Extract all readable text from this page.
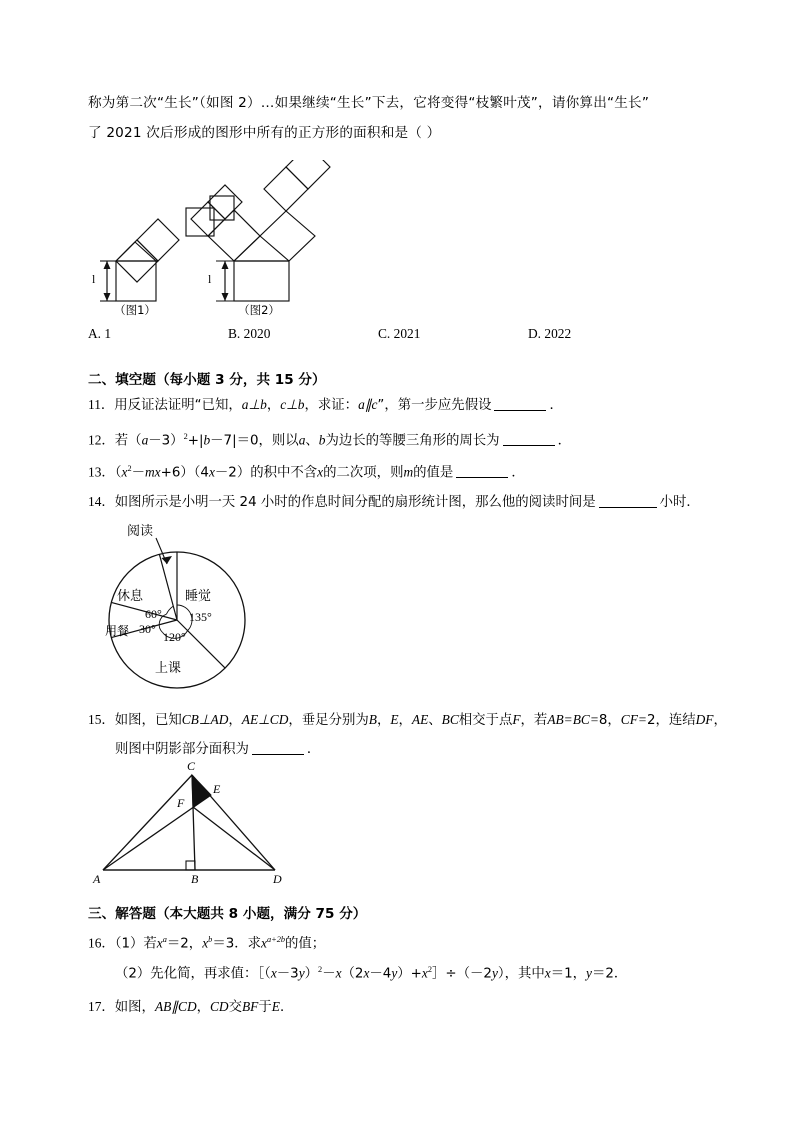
称为第二次“生长”（如图 2）…如果继续“生长”下去，它将变得“枝繁叶茂”，请你算出“生长”
了 2021 次后形成的图形中所有的正方形的面积和是（ ）
l	l
（图1）	（图2）
A. 1	B. 2020	C. 2021	D. 2022
二、填空题（每小题 3 分，共 15 分）
11．用反证法证明“已知，a⊥b，c⊥b，求证：a∥c”，第一步应先假设	．
12．若$(a-3)^2+|b-7|=0$，则以a、b为边长的等腰三角形的周长为	．
13．$(x^2-mx+6)(4x-2)$的积中不含x的二次项，则m的值是	．
14．如图所示是小明一天 24 小时的作息时间分配的扇形统计图，那么他的阅读时间是	小时．
阅读
休息	睡觉
用餐
上课
135°
120°
30°
60°
15．如图，已知CB⊥AD，AE⊥CD，垂足分别为B，E，AE、BC相交于点F，若AB=BC=8，CF=2，连结DF，
则图中阴影部分面积为	．
A	B
C
D
E
F
三、解答题（本大题共 8 小题，满分 75 分）
16．（1）若$x^a=2$，$x^b=3$．求$x^{a+2b}$的值；
（2）先化简，再求值：$[(x-3y)^2-x(2x-4y)+x^2]\div(-2y)$，其中x＝1，y＝2．
17．如图，AB∥CD，CD交BF于E．
